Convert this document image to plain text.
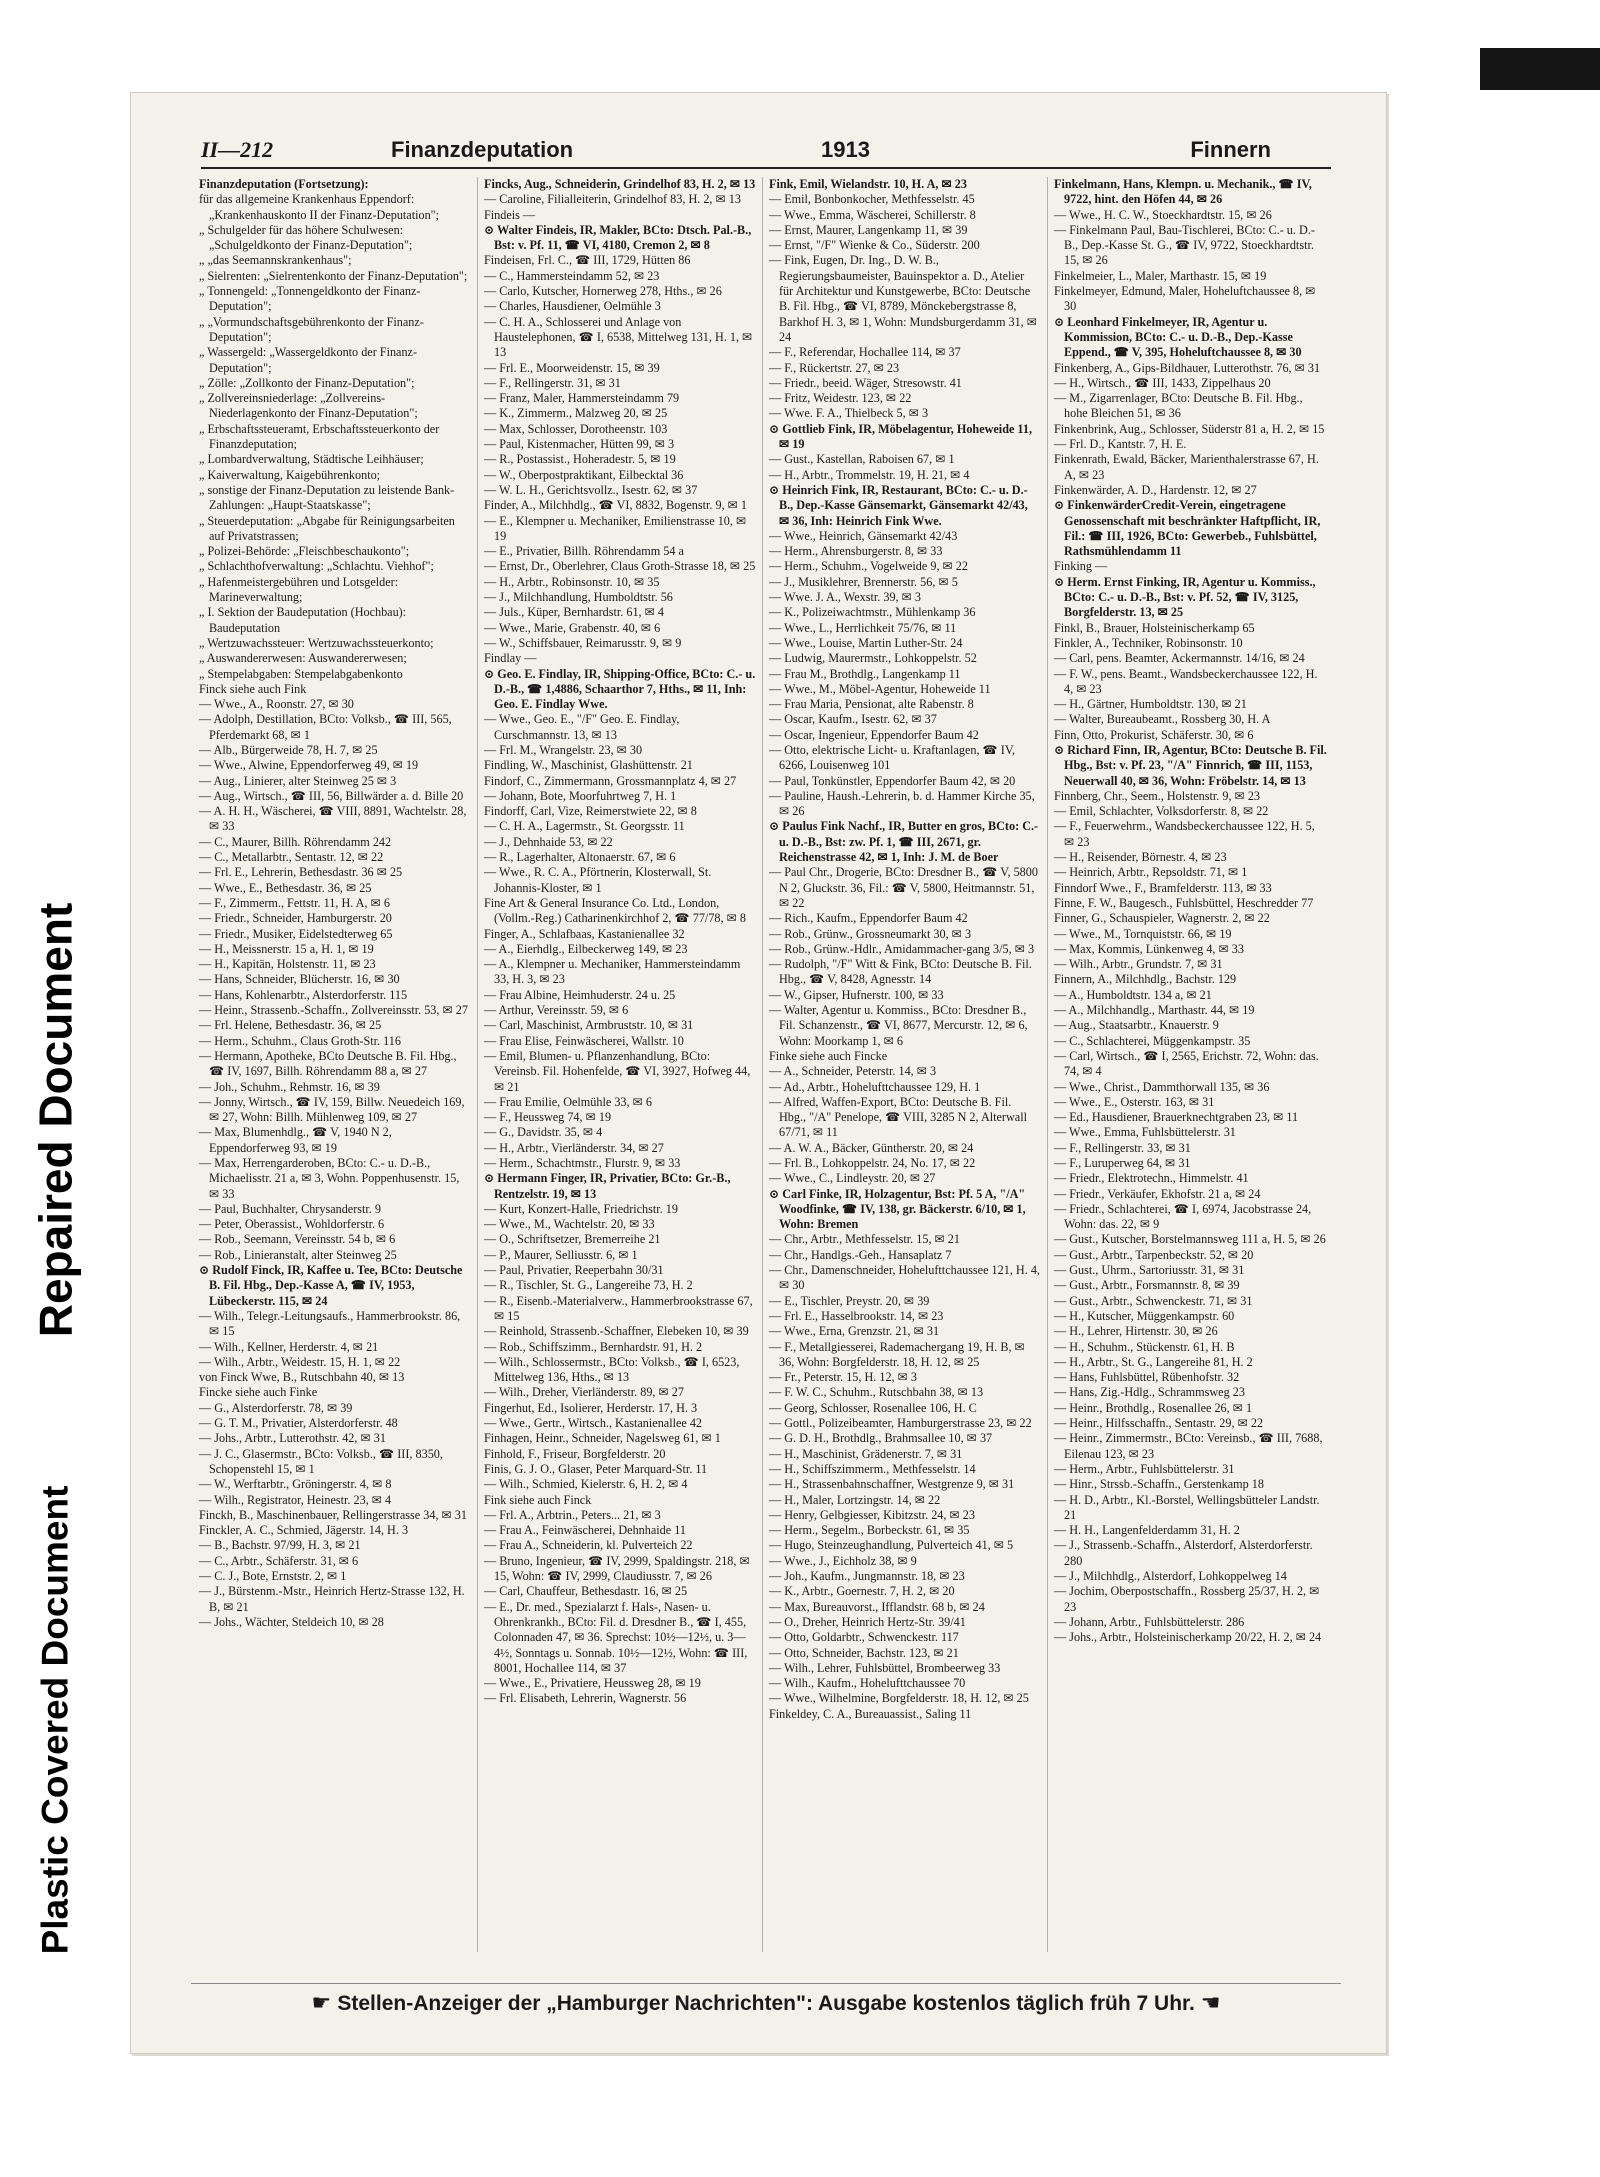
Repaired Document
Plastic Covered Document
II—212	Finanzdeputation	1913	Finnern

Finanzdeputation (Fortsetzung):

für das allgemeine Krankenhaus Eppendorf: „Krankenhauskonto II der Finanz-Deputation";

„ Schulgelder für das höhere Schulwesen: „Schulgeldkonto der Finanz-Deputation";

„ „das Seemannskrankenhaus";

„ Sielrenten: „Sielrentenkonto der Finanz-Deputation";

„ Tonnengeld: „Tonnengeldkonto der Finanz-Deputation";

„ „Vormundschaftsgebührenkonto der Finanz-Deputation";

„ Wassergeld: „Wassergeldkonto der Finanz-Deputation";

„ Zölle: „Zollkonto der Finanz-Deputation";

„ Zollvereinsniederlage: „Zollvereins-Niederlagenkonto der Finanz-Deputation";

„ Erbschaftssteueramt, Erbschaftssteuerkonto der Finanzdeputation;

„ Lombardverwaltung, Städtische Leihhäuser;

„ Kaiverwaltung, Kaigebührenkonto;

„ sonstige der Finanz-Deputation zu leistende Bank-Zahlungen: „Haupt-Staatskasse";

„ Steuerdeputation: „Abgabe für Reinigungsarbeiten auf Privatstrassen;

„ Polizei-Behörde: „Fleischbeschaukonto";

„ Schlachthofverwaltung: „Schlachtu. Viehhof";

„ Hafenmeistergebühren und Lotsgelder: Marineverwaltung;

„ I. Sektion der Baudeputation (Hochbau): Baudeputation

„ Wertzuwachssteuer: Wertzuwachssteuerkonto;

„ Auswandererwesen: Auswandererwesen;

„ Stempelabgaben: Stempelabgabenkonto

Finck siehe auch Fink

— Wwe., A., Roonstr. 27, ✉ 30

— Adolph, Destillation, BCto: Volksb., ☎ III, 565, Pferdemarkt 68, ✉ 1

— Alb., Bürgerweide 78, H. 7, ✉ 25

— Wwe., Alwine, Eppendorferweg 49, ✉ 19

— Aug., Linierer, alter Steinweg 25 ✉ 3

— Aug., Wirtsch., ☎ III, 56, Billwärder a. d. Bille 20

— A. H. H., Wäscherei, ☎ VIII, 8891, Wachtelstr. 28, ✉ 33

— C., Maurer, Billh. Röhrendamm 242

— C., Metallarbtr., Sentastr. 12, ✉ 22

— Frl. E., Lehrerin, Bethesdastr. 36 ✉ 25

— Wwe., E., Bethesdastr. 36, ✉ 25

— F., Zimmerm., Fettstr. 11, H. A, ✉ 6

— Friedr., Schneider, Hamburgerstr. 20

— Friedr., Musiker, Eidelstedterweg 65

— H., Meissnerstr. 15 a, H. 1, ✉ 19

— H., Kapitän, Holstenstr. 11, ✉ 23

— Hans, Schneider, Blücherstr. 16, ✉ 30

— Hans, Kohlenarbtr., Alsterdorferstr. 115

— Heinr., Strassenb.-Schaffn., Zollvereinsstr. 53, ✉ 27

— Frl. Helene, Bethesdastr. 36, ✉ 25

— Herm., Schuhm., Claus Groth-Str. 116

— Hermann, Apotheke, BCto Deutsche B. Fil. Hbg., ☎ IV, 1697, Billh. Röhrendamm 88 a, ✉ 27

— Joh., Schuhm., Rehmstr. 16, ✉ 39

— Jonny, Wirtsch., ☎ IV, 159, Billw. Neuedeich 169, ✉ 27, Wohn: Billh. Mühlenweg 109, ✉ 27

— Max, Blumenhdlg., ☎ V, 1940 N 2, Eppendorferweg 93, ✉ 19

— Max, Herrengarderoben, BCto: C.- u. D.-B., Michaelisstr. 21 a, ✉ 3, Wohn. Poppenhusenstr. 15, ✉ 33

— Paul, Buchhalter, Chrysanderstr. 9

— Peter, Oberassist., Wohldorferstr. 6

— Rob., Seemann, Vereinsstr. 54 b, ✉ 6

— Rob., Linieranstalt, alter Steinweg 25

⊙ Rudolf Finck, IR, Kaffee u. Tee, BCto: Deutsche B. Fil. Hbg., Dep.-Kasse A, ☎ IV, 1953, Lübeckerstr. 115, ✉ 24

— Wilh., Telegr.-Leitungsaufs., Hammerbrookstr. 86, ✉ 15

— Wilh., Kellner, Herderstr. 4, ✉ 21

— Wilh., Arbtr., Weidestr. 15, H. 1, ✉ 22

von Finck Wwe, B., Rutschbahn 40, ✉ 13

Fincke siehe auch Finke

— G., Alsterdorferstr. 78, ✉ 39

— G. T. M., Privatier, Alsterdorferstr. 48

— Johs., Arbtr., Lutterothstr. 42, ✉ 31

— J. C., Glasermstr., BCto: Volksb., ☎ III, 8350, Schopenstehl 15, ✉ 1

— W., Werftarbtr., Gröningerstr. 4, ✉ 8

— Wilh., Registrator, Heinestr. 23, ✉ 4

Finckh, B., Maschinenbauer, Rellingerstrasse 34, ✉ 31

Finckler, A. C., Schmied, Jägerstr. 14, H. 3

— B., Bachstr. 97/99, H. 3, ✉ 21

— C., Arbtr., Schäferstr. 31, ✉ 6

— C. J., Bote, Ernststr. 2, ✉ 1

— J., Bürstenm.-Mstr., Heinrich Hertz-Strasse 132, H. B, ✉ 21

— Johs., Wächter, Steldeich 10, ✉ 28

Fincks, Aug., Schneiderin, Grindelhof 83, H. 2, ✉ 13

— Caroline, Filialleiterin, Grindelhof 83, H. 2, ✉ 13

Findeis —

⊙ Walter Findeis, IR, Makler, BCto: Dtsch. Pal.-B., Bst: v. Pf. 11, ☎ VI, 4180, Cremon 2, ✉ 8

Findeisen, Frl. C., ☎ III, 1729, Hütten 86

— C., Hammersteindamm 52, ✉ 23

— Carlo, Kutscher, Hornerweg 278, Hths., ✉ 26

— Charles, Hausdiener, Oelmühle 3

— C. H. A., Schlosserei und Anlage von Haustelephonen, ☎ I, 6538, Mittelweg 131, H. 1, ✉ 13

— Frl. E., Moorweidenstr. 15, ✉ 39

— F., Rellingerstr. 31, ✉ 31

— Franz, Maler, Hammersteindamm 79

— K., Zimmerm., Malzweg 20, ✉ 25

— Max, Schlosser, Dorotheenstr. 103

— Paul, Kistenmacher, Hütten 99, ✉ 3

— R., Postassist., Hoheradestr. 5, ✉ 19

— W., Oberpostpraktikant, Eilbecktal 36

— W. L. H., Gerichtsvollz., Isestr. 62, ✉ 37

Finder, A., Milchhdlg., ☎ VI, 8832, Bogenstr. 9, ✉ 1

— E., Klempner u. Mechaniker, Emilienstrasse 10, ✉ 19

— E., Privatier, Billh. Röhrendamm 54 a

— Ernst, Dr., Oberlehrer, Claus Groth-Strasse 18, ✉ 25

— H., Arbtr., Robinsonstr. 10, ✉ 35

— J., Milchhandlung, Humboldtstr. 56

— Juls., Küper, Bernhardstr. 61, ✉ 4

— Wwe., Marie, Grabenstr. 40, ✉ 6

— W., Schiffsbauer, Reimarusstr. 9, ✉ 9

Findlay —

⊙ Geo. E. Findlay, IR, Shipping-Office, BCto: C.- u. D.-B., ☎ 1,4886, Schaarthor 7, Hths., ✉ 11, Inh: Geo. E. Findlay Wwe.

— Wwe., Geo. E., "/F" Geo. E. Findlay, Curschmannstr. 13, ✉ 13

— Frl. M., Wrangelstr. 23, ✉ 30

Findling, W., Maschinist, Glashüttenstr. 21

Findorf, C., Zimmermann, Grossmannplatz 4, ✉ 27

— Johann, Bote, Moorfuhrtweg 7, H. 1

Findorff, Carl, Vize, Reimerstwiete 22, ✉ 8

— C. H. A., Lagermstr., St. Georgsstr. 11

— J., Dehnhaide 53, ✉ 22

— R., Lagerhalter, Altonaerstr. 67, ✉ 6

— Wwe., R. C. A., Pförtnerin, Klosterwall, St. Johannis-Kloster, ✉ 1

Fine Art & General Insurance Co. Ltd., London, (Vollm.-Reg.) Catharinenkirchhof 2, ☎ 77/78, ✉ 8

Finger, A., Schlafbaas, Kastanienallee 32

— A., Eierhdlg., Eilbeckerweg 149, ✉ 23

— A., Klempner u. Mechaniker, Hammersteindamm 33, H. 3, ✉ 23

— Frau Albine, Heimhuderstr. 24 u. 25

— Arthur, Vereinsstr. 59, ✉ 6

— Carl, Maschinist, Armbruststr. 10, ✉ 31

— Frau Elise, Feinwäscherei, Wallstr. 10

— Emil, Blumen- u. Pflanzenhandlung, BCto: Vereinsb. Fil. Hohenfelde, ☎ VI, 3927, Hofweg 44, ✉ 21

— Frau Emilie, Oelmühle 33, ✉ 6

— F., Heussweg 74, ✉ 19

— G., Davidstr. 35, ✉ 4

— H., Arbtr., Vierländerstr. 34, ✉ 27

— Herm., Schachtmstr., Flurstr. 9, ✉ 33

⊙ Hermann Finger, IR, Privatier, BCto: Gr.-B., Rentzelstr. 19, ✉ 13

— Kurt, Konzert-Halle, Friedrichstr. 19

— Wwe., M., Wachtelstr. 20, ✉ 33

— O., Schriftsetzer, Bremerreihe 21

— P., Maurer, Selliusstr. 6, ✉ 1

— Paul, Privatier, Reeperbahn 30/31

— R., Tischler, St. G., Langereihe 73, H. 2

— R., Eisenb.-Materialverw., Hammerbrookstrasse 67, ✉ 15

— Reinhold, Strassenb.-Schaffner, Elebeken 10, ✉ 39

— Rob., Schiffszimm., Bernhardstr. 91, H. 2

— Wilh., Schlossermstr., BCto: Volksb., ☎ I, 6523, Mittelweg 136, Hths., ✉ 13

— Wilh., Dreher, Vierländerstr. 89, ✉ 27

Fingerhut, Ed., Isolierer, Herderstr. 17, H. 3

— Wwe., Gertr., Wirtsch., Kastanienallee 42

Finhagen, Heinr., Schneider, Nagelsweg 61, ✉ 1

Finhold, F., Friseur, Borgfelderstr. 20

Finis, G. J. O., Glaser, Peter Marquard-Str. 11

— Wilh., Schmied, Kielerstr. 6, H. 2, ✉ 4

Fink siehe auch Finck

— Frl. A., Arbtrin., Peters... 21, ✉ 3

— Frau A., Feinwäscherei, Dehnhaide 11

— Frau A., Schneiderin, kl. Pulverteich 22

— Bruno, Ingenieur, ☎ IV, 2999, Spaldingstr. 218, ✉ 15, Wohn: ☎ IV, 2999, Claudiusstr. 7, ✉ 26

— Carl, Chauffeur, Bethesdastr. 16, ✉ 25

— E., Dr. med., Spezialarzt f. Hals-, Nasen- u. Ohrenkrankh., BCto: Fil. d. Dresdner B., ☎ I, 455, Colonnaden 47, ✉ 36. Sprechst: 10½—12½, u. 3—4½, Sonntags u. Sonnab. 10½—12½, Wohn: ☎ III, 8001, Hochallee 114, ✉ 37

— Wwe., E., Privatiere, Heussweg 28, ✉ 19

— Frl. Elisabeth, Lehrerin, Wagnerstr. 56

Fink, Emil, Wielandstr. 10, H. A, ✉ 23

— Emil, Bonbonkocher, Methfesselstr. 45

— Wwe., Emma, Wäscherei, Schillerstr. 8

— Ernst, Maurer, Langenkamp 11, ✉ 39

— Ernst, "/F" Wienke & Co., Süderstr. 200

— Fink, Eugen, Dr. Ing., D. W. B., Regierungsbaumeister, Bauinspektor a. D., Atelier für Architektur und Kunstgewerbe, BCto: Deutsche B. Fil. Hbg., ☎ VI, 8789, Mönckebergstrasse 8, Barkhof H. 3, ✉ 1, Wohn: Mundsburgerdamm 31, ✉ 24

— F., Referendar, Hochallee 114, ✉ 37

— F., Rückertstr. 27, ✉ 23

— Friedr., beeid. Wäger, Stresowstr. 41

— Fritz, Weidestr. 123, ✉ 22

— Wwe. F. A., Thielbeck 5, ✉ 3

⊙ Gottlieb Fink, IR, Möbelagentur, Hoheweide 11, ✉ 19

— Gust., Kastellan, Raboisen 67, ✉ 1

— H., Arbtr., Trommelstr. 19, H. 21, ✉ 4

⊙ Heinrich Fink, IR, Restaurant, BCto: C.- u. D.-B., Dep.-Kasse Gänsemarkt, Gänsemarkt 42/43, ✉ 36, Inh: Heinrich Fink Wwe.

— Wwe., Heinrich, Gänsemarkt 42/43

— Herm., Ahrensburgerstr. 8, ✉ 33

— Herm., Schuhm., Vogelweide 9, ✉ 22

— J., Musiklehrer, Brennerstr. 56, ✉ 5

— Wwe. J. A., Wexstr. 39, ✉ 3

— K., Polizeiwachtmstr., Mühlenkamp 36

— Wwe., L., Herrlichkeit 75/76, ✉ 11

— Wwe., Louise, Martin Luther-Str. 24

— Ludwig, Maurermstr., Lohkoppelstr. 52

— Frau M., Brothdlg., Langenkamp 11

— Wwe., M., Möbel-Agentur, Hoheweide 11

— Frau Maria, Pensionat, alte Rabenstr. 8

— Oscar, Kaufm., Isestr. 62, ✉ 37

— Oscar, Ingenieur, Eppendorfer Baum 42

— Otto, elektrische Licht- u. Kraftanlagen, ☎ IV, 6266, Louisenweg 101

— Paul, Tonkünstler, Eppendorfer Baum 42, ✉ 20

— Pauline, Haush.-Lehrerin, b. d. Hammer Kirche 35, ✉ 26

⊙ Paulus Fink Nachf., IR, Butter en gros, BCto: C.- u. D.-B., Bst: zw. Pf. 1, ☎ III, 2671, gr. Reichenstrasse 42, ✉ 1, Inh: J. M. de Boer

— Paul Chr., Drogerie, BCto: Dresdner B., ☎ V, 5800 N 2, Gluckstr. 36, Fil.: ☎ V, 5800, Heitmannstr. 51, ✉ 22

— Rich., Kaufm., Eppendorfer Baum 42

— Rob., Grünw., Grossneumarkt 30, ✉ 3

— Rob., Grünw.-Hdlr., Amidammacher-gang 3/5, ✉ 3

— Rudolph, "/F" Witt & Fink, BCto: Deutsche B. Fil. Hbg., ☎ V, 8428, Agnesstr. 14

— W., Gipser, Hufnerstr. 100, ✉ 33

— Walter, Agentur u. Kommiss., BCto: Dresdner B., Fil. Schanzenstr., ☎ VI, 8677, Mercurstr. 12, ✉ 6, Wohn: Moorkamp 1, ✉ 6

Finke siehe auch Fincke

— A., Schneider, Peterstr. 14, ✉ 3

— Ad., Arbtr., Hohelufttchaussee 129, H. 1

— Alfred, Waffen-Export, BCto: Deutsche B. Fil. Hbg., "/A" Penelope, ☎ VIII, 3285 N 2, Alterwall 67/71, ✉ 11

— A. W. A., Bäcker, Güntherstr. 20, ✉ 24

— Frl. B., Lohkoppelstr. 24, No. 17, ✉ 22

— Wwe., C., Lindleystr. 20, ✉ 27

⊙ Carl Finke, IR, Holzagentur, Bst: Pf. 5 A, "/A" Woodfinke, ☎ IV, 138, gr. Bäckerstr. 6/10, ✉ 1, Wohn: Bremen

— Chr., Arbtr., Methfesselstr. 15, ✉ 21

— Chr., Handlgs.-Geh., Hansaplatz 7

— Chr., Damenschneider, Hohelufttchaussee 121, H. 4, ✉ 30

— E., Tischler, Preystr. 20, ✉ 39

— Frl. E., Hasselbrookstr. 14, ✉ 23

— Wwe., Erna, Grenzstr. 21, ✉ 31

— F., Metallgiesserei, Rademachergang 19, H. B, ✉ 36, Wohn: Borgfelderstr. 18, H. 12, ✉ 25

— Fr., Peterstr. 15, H. 12, ✉ 3

— F. W. C., Schuhm., Rutschbahn 38, ✉ 13

— Georg, Schlosser, Rosenallee 106, H. C

— Gottl., Polizeibeamter, Hamburgerstrasse 23, ✉ 22

— G. D. H., Brothdlg., Brahmsallee 10, ✉ 37

— H., Maschinist, Grädenerstr. 7, ✉ 31

— H., Schiffszimmerm., Methfesselstr. 14

— H., Strassenbahnschaffner, Westgrenze 9, ✉ 31

— H., Maler, Lortzingstr. 14, ✉ 22

— Henry, Gelbgiesser, Kibitzstr. 24, ✉ 23

— Herm., Segelm., Borbeckstr. 61, ✉ 35

— Hugo, Steinzeughandlung, Pulverteich 41, ✉ 5

— Wwe., J., Eichholz 38, ✉ 9

— Joh., Kaufm., Jungmannstr. 18, ✉ 23

— K., Arbtr., Goernestr. 7, H. 2, ✉ 20

— Max, Bureauvorst., Ifflandstr. 68 b, ✉ 24

— O., Dreher, Heinrich Hertz-Str. 39/41

— Otto, Goldarbtr., Schwenckestr. 117

— Otto, Schneider, Bachstr. 123, ✉ 21

— Wilh., Lehrer, Fuhlsbüttel, Brombeerweg 33

— Wilh., Kaufm., Hohelufttchaussee 70

— Wwe., Wilhelmine, Borgfelderstr. 18, H. 12, ✉ 25

Finkeldey, C. A., Bureauassist., Saling 11

Finkelmann, Hans, Klempn. u. Mechanik., ☎ IV, 9722, hint. den Höfen 44, ✉ 26

— Wwe., H. C. W., Stoeckhardtstr. 15, ✉ 26

— Finkelmann Paul, Bau-Tischlerei, BCto: C.- u. D.-B., Dep.-Kasse St. G., ☎ IV, 9722, Stoeckhardtstr. 15, ✉ 26

Finkelmeier, L., Maler, Marthastr. 15, ✉ 19

Finkelmeyer, Edmund, Maler, Hoheluftchaussee 8, ✉ 30

⊙ Leonhard Finkelmeyer, IR, Agentur u. Kommission, BCto: C.- u. D.-B., Dep.-Kasse Eppend., ☎ V, 395, Hoheluftchaussee 8, ✉ 30

Finkenberg, A., Gips-Bildhauer, Lutterothstr. 76, ✉ 31

— H., Wirtsch., ☎ III, 1433, Zippelhaus 20

— M., Zigarrenlager, BCto: Deutsche B. Fil. Hbg., hohe Bleichen 51, ✉ 36

Finkenbrink, Aug., Schlosser, Süderstr 81 a, H. 2, ✉ 15

— Frl. D., Kantstr. 7, H. E.

Finkenrath, Ewald, Bäcker, Marienthalerstrasse 67, H. A, ✉ 23

Finkenwärder, A. D., Hardenstr. 12, ✉ 27

⊙ FinkenwärderCredit-Verein, eingetragene Genossenschaft mit beschränkter Haftpflicht, IR, Fil.: ☎ III, 1926, BCto: Gewerbeb., Fuhlsbüttel, Rathsmühlendamm 11

Finking —

⊙ Herm. Ernst Finking, IR, Agentur u. Kommiss., BCto: C.- u. D.-B., Bst: v. Pf. 52, ☎ IV, 3125, Borgfelderstr. 13, ✉ 25

Finkl, B., Brauer, Holsteinischerkamp 65

Finkler, A., Techniker, Robinsonstr. 10

— Carl, pens. Beamter, Ackermannstr. 14/16, ✉ 24

— F. W., pens. Beamt., Wandsbeckerchaussee 122, H. 4, ✉ 23

— H., Gärtner, Humboldtstr. 130, ✉ 21

— Walter, Bureaubeamt., Rossberg 30, H. A

Finn, Otto, Prokurist, Schäferstr. 30, ✉ 6

⊙ Richard Finn, IR, Agentur, BCto: Deutsche B. Fil. Hbg., Bst: v. Pf. 23, "/A" Finnrich, ☎ III, 1153, Neuerwall 40, ✉ 36, Wohn: Fröbelstr. 14, ✉ 13

Finnberg, Chr., Seem., Holstenstr. 9, ✉ 23

— Emil, Schlachter, Volksdorferstr. 8, ✉ 22

— F., Feuerwehrm., Wandsbeckerchaussee 122, H. 5, ✉ 23

— H., Reisender, Börnestr. 4, ✉ 23

— Heinrich, Arbtr., Repsoldstr. 71, ✉ 1

Finndorf Wwe., F., Bramfelderstr. 113, ✉ 33

Finne, F. W., Baugesch., Fuhlsbüttel, Heschredder 77

Finner, G., Schauspieler, Wagnerstr. 2, ✉ 22

— Wwe., M., Tornquiststr. 66, ✉ 19

— Max, Kommis, Lünkenweg 4, ✉ 33

— Wilh., Arbtr., Grundstr. 7, ✉ 31

Finnern, A., Milchhdlg., Bachstr. 129

— A., Humboldtstr. 134 a, ✉ 21

— A., Milchhandlg., Marthastr. 44, ✉ 19

— Aug., Staatsarbtr., Knauerstr. 9

— C., Schlachterei, Müggenkampstr. 35

— Carl, Wirtsch., ☎ I, 2565, Erichstr. 72, Wohn: das. 74, ✉ 4

— Wwe., Christ., Dammthorwall 135, ✉ 36

— Wwe., E., Osterstr. 163, ✉ 31

— Ed., Hausdiener, Brauerknechtgraben 23, ✉ 11

— Wwe., Emma, Fuhlsbüttelerstr. 31

— F., Rellingerstr. 33, ✉ 31

— F., Luruperweg 64, ✉ 31

— Friedr., Elektrotechn., Himmelstr. 41

— Friedr., Verkäufer, Ekhofstr. 21 a, ✉ 24

— Friedr., Schlachterei, ☎ I, 6974, Jacobstrasse 24, Wohn: das. 22, ✉ 9

— Gust., Kutscher, Borstelmannsweg 111 a, H. 5, ✉ 26

— Gust., Arbtr., Tarpenbeckstr. 52, ✉ 20

— Gust., Uhrm., Sartoriusstr. 31, ✉ 31

— Gust., Arbtr., Forsmannstr. 8, ✉ 39

— Gust., Arbtr., Schwenckestr. 71, ✉ 31

— H., Kutscher, Müggenkampstr. 60

— H., Lehrer, Hirtenstr. 30, ✉ 26

— H., Schuhm., Stückenstr. 61, H. B

— H., Arbtr., St. G., Langereihe 81, H. 2

— Hans, Fuhlsbüttel, Rübenhofstr. 32

— Hans, Zig.-Hdlg., Schrammsweg 23

— Heinr., Brothdlg., Rosenallee 26, ✉ 1

— Heinr., Hilfsschaffn., Sentastr. 29, ✉ 22

— Heinr., Zimmermstr., BCto: Vereinsb., ☎ III, 7688, Eilenau 123, ✉ 23

— Herm., Arbtr., Fuhlsbüttelerstr. 31

— Hinr., Strssb.-Schaffn., Gerstenkamp 18

— H. D., Arbtr., Kl.-Borstel, Wellingsbütteler Landstr. 21

— H. H., Langenfelderdamm 31, H. 2

— J., Strassenb.-Schaffn., Alsterdorf, Alsterdorferstr. 280

— J., Milchhdlg., Alsterdorf, Lohkoppelweg 14

— Jochim, Oberpostschaffn., Rossberg 25/37, H. 2, ✉ 23

— Johann, Arbtr., Fuhlsbüttelerstr. 286

— Johs., Arbtr., Holsteinischerkamp 20/22, H. 2, ✉ 24

☛ Stellen-Anzeiger der „Hamburger Nachrichten": Ausgabe kostenlos täglich früh 7 Uhr. ☚
